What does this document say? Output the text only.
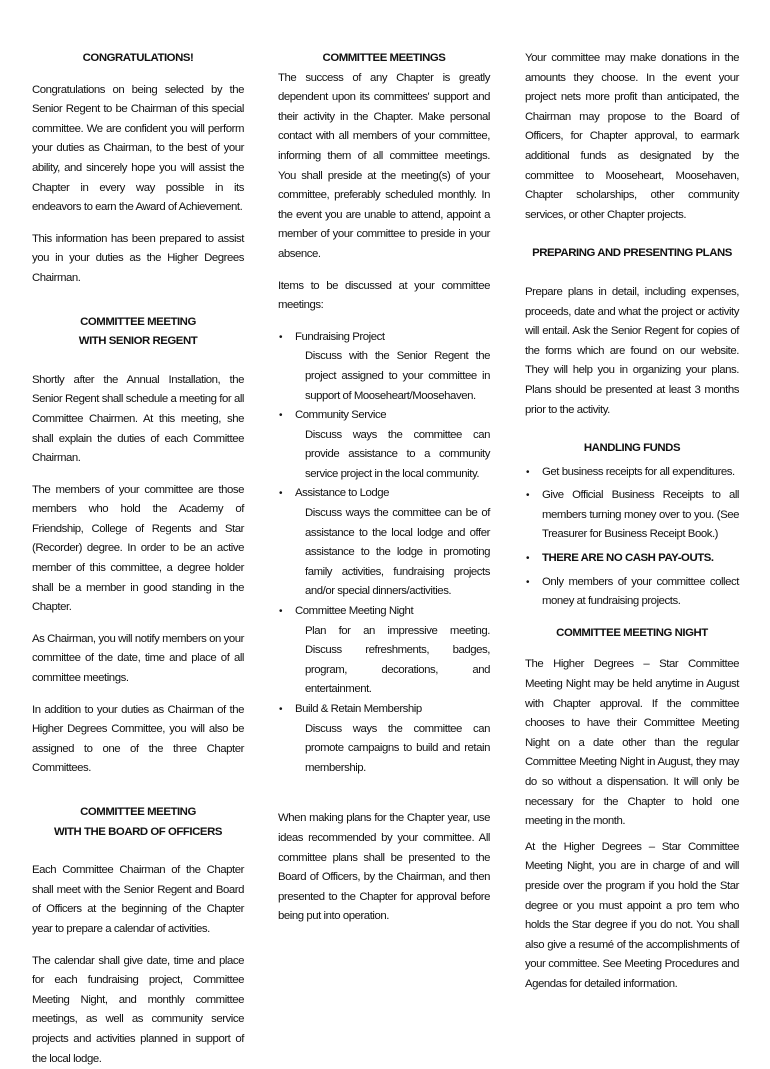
CONGRATULATIONS!

Congratulations on being selected by the Senior Regent to be Chairman of this special committee. We are confident you will perform your duties as Chairman, to the best of your ability, and sincerely hope you will assist the Chapter in every way possible in its endeavors to earn the Award of Achievement.

This information has been prepared to assist you in your duties as the Higher Degrees Chairman.

COMMITTEE MEETING
WITH SENIOR REGENT

Shortly after the Annual Installation, the Senior Regent shall schedule a meeting for all Committee Chairmen. At this meeting, she shall explain the duties of each Committee Chairman.

The members of your committee are those members who hold the Academy of Friendship, College of Regents and Star (Recorder) degree. In order to be an active member of this committee, a degree holder shall be a member in good standing in the Chapter.

As Chairman, you will notify members on your committee of the date, time and place of all committee meetings.

In addition to your duties as Chairman of the Higher Degrees Committee, you will also be assigned to one of the three Chapter Committees.

COMMITTEE MEETING
WITH THE BOARD OF OFFICERS

Each Committee Chairman of the Chapter shall meet with the Senior Regent and Board of Officers at the beginning of the Chapter year to prepare a calendar of activities.

The calendar shall give date, time and place for each fundraising project, Committee Meeting Night, and monthly committee meetings, as well as community service projects and activities planned in support of the local lodge.

COMMITTEE MEETINGS

The success of any Chapter is greatly dependent upon its committees' support and their activity in the Chapter. Make personal contact with all members of your committee, informing them of all committee meetings. You shall preside at the meeting(s) of your committee, preferably scheduled monthly. In the event you are unable to attend, appoint a member of your committee to preside in your absence.

Items to be discussed at your committee meetings:

• Fundraising Project
Discuss with the Senior Regent the project assigned to your committee in support of Mooseheart/Moosehaven.
• Community Service
Discuss ways the committee can provide assistance to a community service project in the local community.
• Assistance to Lodge
Discuss ways the committee can be of assistance to the local lodge and offer assistance to the lodge in promoting family activities, fundraising projects and/or special dinners/activities.
• Committee Meeting Night
Plan for an impressive meeting. Discuss refreshments, badges, program, decorations, and entertainment.
• Build & Retain Membership
Discuss ways the committee can promote campaigns to build and retain membership.

When making plans for the Chapter year, use ideas recommended by your committee. All committee plans shall be presented to the Board of Officers, by the Chairman, and then presented to the Chapter for approval before being put into operation.

Your committee may make donations in the amounts they choose. In the event your project nets more profit than anticipated, the Chairman may propose to the Board of Officers, for Chapter approval, to earmark additional funds as designated by the committee to Mooseheart, Moosehaven, Chapter scholarships, other community services, or other Chapter projects.

PREPARING AND PRESENTING PLANS

Prepare plans in detail, including expenses, proceeds, date and what the project or activity will entail. Ask the Senior Regent for copies of the forms which are found on our website. They will help you in organizing your plans. Plans should be presented at least 3 months prior to the activity.

HANDLING FUNDS
• Get business receipts for all expenditures.
• Give Official Business Receipts to all members turning money over to you. (See Treasurer for Business Receipt Book.)
• THERE ARE NO CASH PAY-OUTS.
• Only members of your committee collect money at fundraising projects.
COMMITTEE MEETING NIGHT

The Higher Degrees – Star Committee Meeting Night may be held anytime in August with Chapter approval. If the committee chooses to have their Committee Meeting Night on a date other than the regular Committee Meeting Night in August, they may do so without a dispensation. It will only be necessary for the Chapter to hold one meeting in the month.

At the Higher Degrees – Star Committee Meeting Night, you are in charge of and will preside over the program if you hold the Star degree or you must appoint a pro tem who holds the Star degree if you do not. You shall also give a resumé of the accomplishments of your committee. See Meeting Procedures and Agendas for detailed information.
